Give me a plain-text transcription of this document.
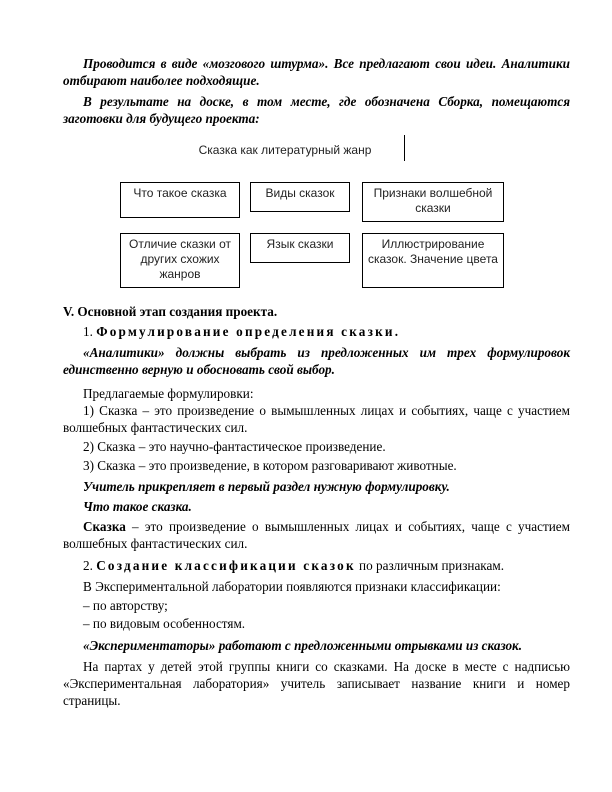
Проводится в виде «мозгового штурма». Все предлагают свои идеи. Аналитики отбирают наиболее подходящие.

В результате на доске, в том месте, где обозначена Сборка, помещаются заготовки для будущего проекта:

Сказка как литературный жанр
Что такое сказка	Виды сказок	Признаки волшебной сказки
Отличие сказки от других схожих жанров
Язык сказки	Иллюстрирование сказок. Значение цвета

V. Основной этап создания проекта.

1. Формулирование определения сказки.

«Аналитики» должны выбрать из предложенных им трех формулировок единственно верную и обосновать свой выбор.

Предлагаемые формулировки:

1) Сказка – это произведение о вымышленных лицах и событиях, чаще с участием волшебных фантастических сил.

2) Сказка – это научно-фантастическое произведение.

3) Сказка – это произведение, в котором разговаривают животные.

Учитель прикрепляет в первый раздел нужную формулировку.

Что такое сказка.

Сказка – это произведение о вымышленных лицах и событиях, чаще с участием волшебных фантастических сил.

2. Создание классификации сказок по различным признакам.

В Экспериментальной лаборатории появляются признаки классификации:

– по авторству;

– по видовым особенностям.

«Экспериментаторы» работают с предложенными отрывками из сказок.

На партах у детей этой группы книги со сказками. На доске в месте с надписью «Экспериментальная лаборатория» учитель записывает название книги и номер страницы.
